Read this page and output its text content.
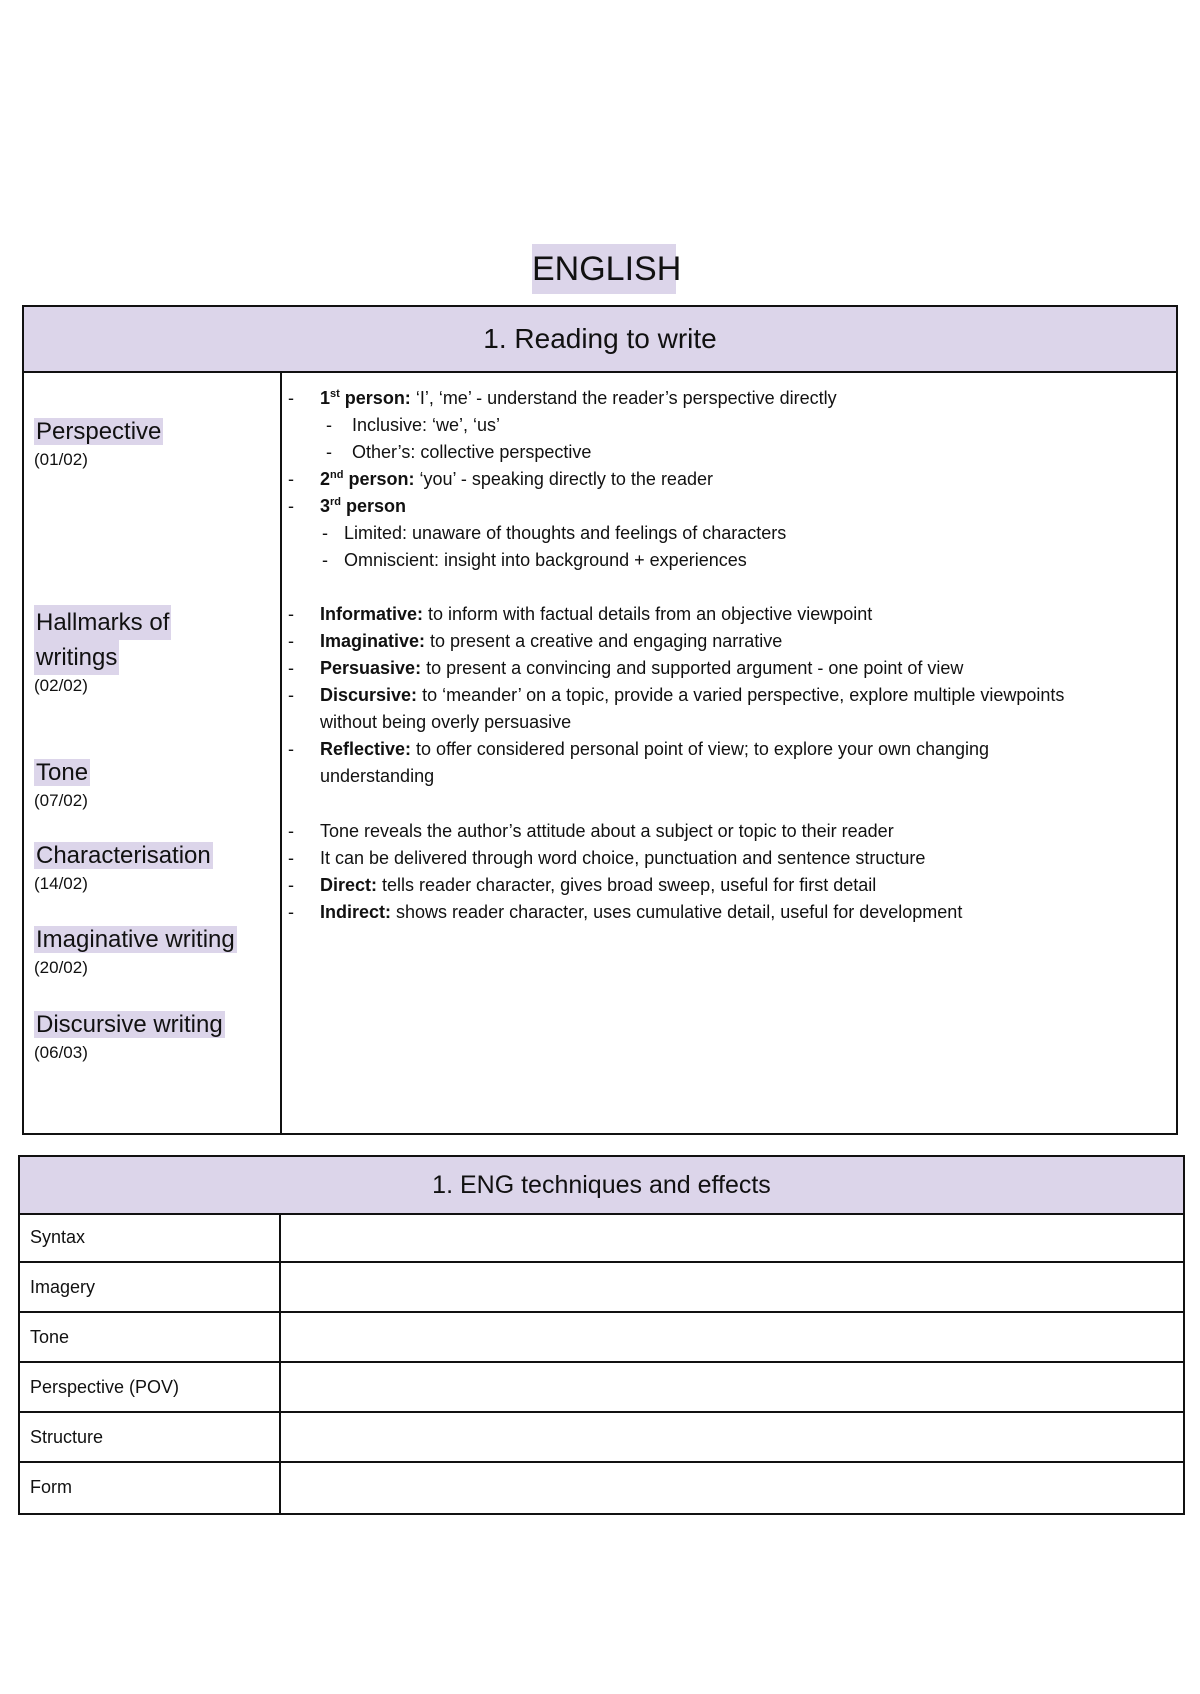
ENGLISH
1. Reading to write
Perspective
(01/02)
Hallmarks of
writings
(02/02)
Tone
(07/02)
Characterisation
(14/02)
Imaginative writing
(20/02)
Discursive writing
(06/03)
- 1st person: ‘I’, ‘me’ - understand the reader’s perspective directly
- Inclusive: ‘we’, ‘us’
- Other’s: collective perspective
- 2nd person: ‘you’ - speaking directly to the reader
- 3rd person
- Limited: unaware of thoughts and feelings of characters
- Omniscient: insight into background + experiences
- Informative: to inform with factual details from an objective viewpoint
- Imaginative: to present a creative and engaging narrative
- Persuasive: to present a convincing and supported argument - one point of view
- Discursive: to ‘meander’ on a topic, provide a varied perspective, explore multiple viewpoints
without being overly persuasive
- Reflective: to offer considered personal point of view; to explore your own changing
understanding
- Tone reveals the author’s attitude about a subject or topic to their reader
- It can be delivered through word choice, punctuation and sentence structure
- Direct: tells reader character, gives broad sweep, useful for first detail
- Indirect: shows reader character, uses cumulative detail, useful for development
1. ENG techniques and effects
Syntax
Imagery
Tone
Perspective (POV)
Structure
Form
